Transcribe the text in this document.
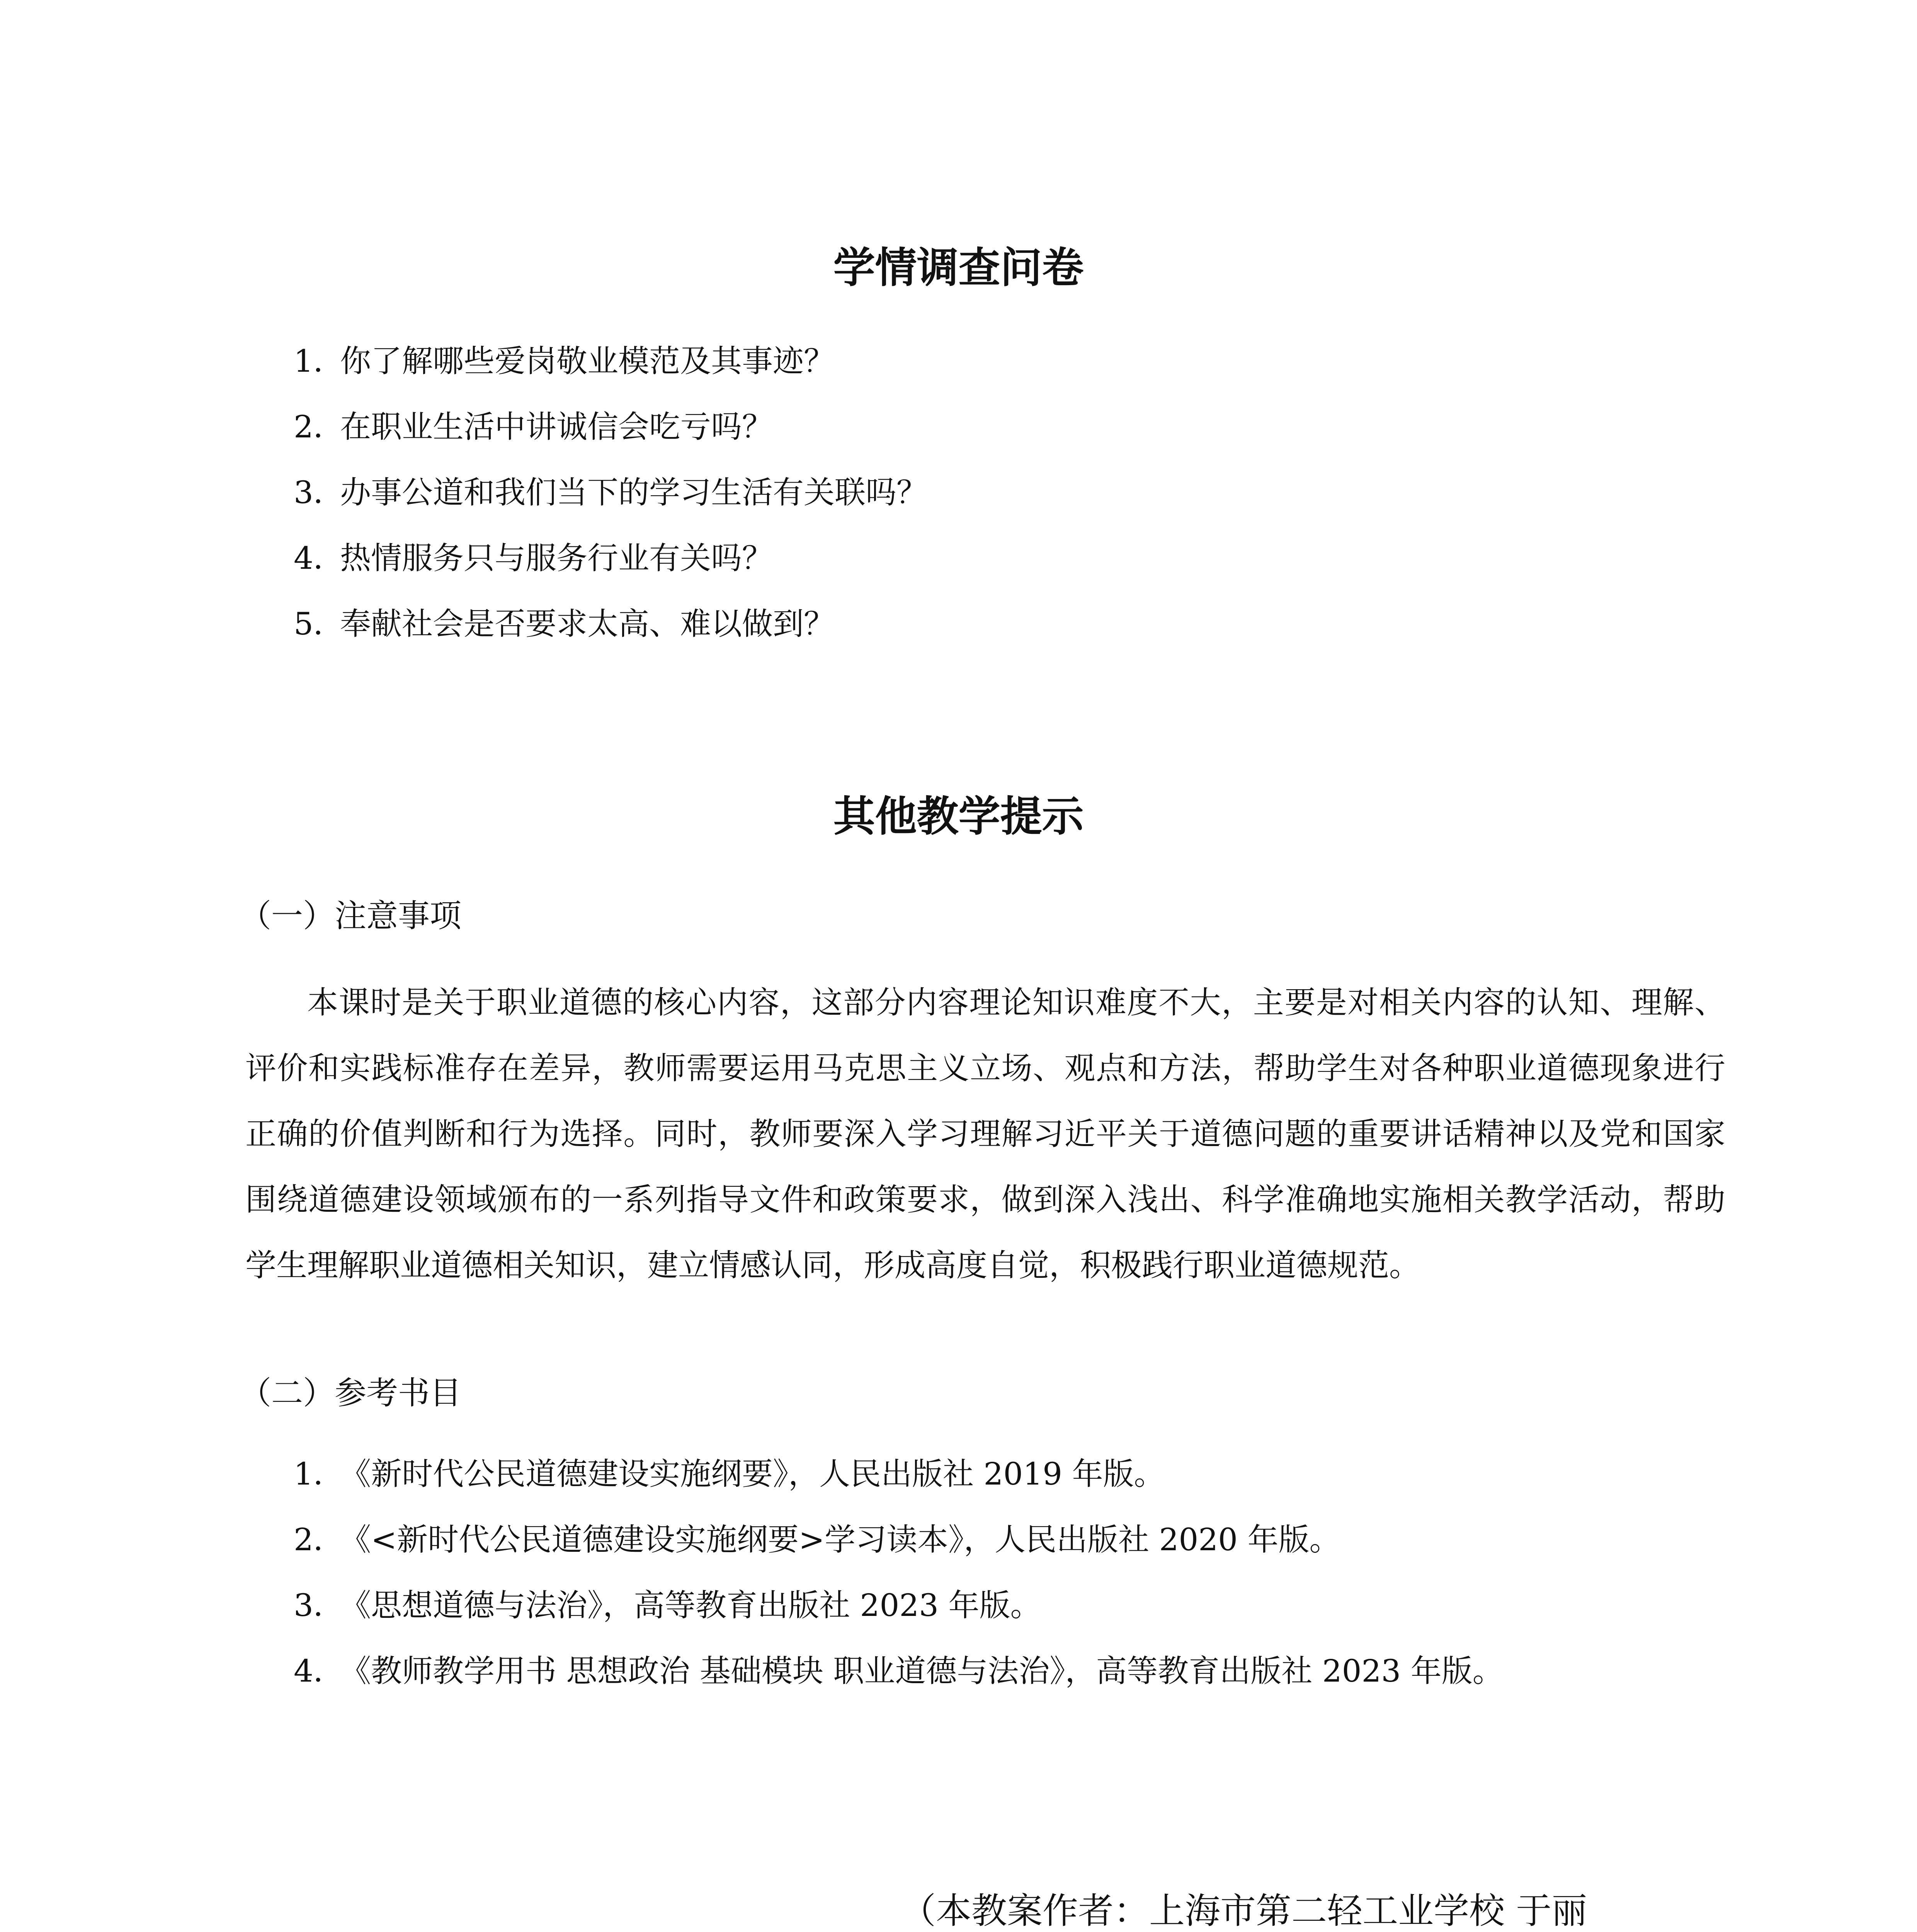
学情调查问卷
1．你了解哪些爱岗敬业模范及其事迹？
2．在职业生活中讲诚信会吃亏吗？
3．办事公道和我们当下的学习生活有关联吗？
4．热情服务只与服务行业有关吗？
5．奉献社会是否要求太高、难以做到？
其他教学提示
（一）注意事项

本课时是关于职业道德的核心内容，这部分内容理论知识难度不大，主要是对相关内容的认知、理解、评价和实践标准存在差异，教师需要运用马克思主义立场、观点和方法，帮助学生对各种职业道德现象进行正确的价值判断和行为选择。同时，教师要深入学习理解习近平关于道德问题的重要讲话精神以及党和国家围绕道德建设领域颁布的一系列指导文件和政策要求，做到深入浅出、科学准确地实施相关教学活动，帮助学生理解职业道德相关知识，建立情感认同，形成高度自觉，积极践行职业道德规范。

（二）参考书目
1．《新时代公民道德建设实施纲要》，人民出版社 2019 年版。
2．《<新时代公民道德建设实施纲要>学习读本》，人民出版社 2020 年版。
3．《思想道德与法治》，高等教育出版社 2023 年版。
4．《教师教学用书 思想政治 基础模块 职业道德与法治》，高等教育出版社 2023 年版。
（本教案作者：上海市第二轻工业学校 于丽
